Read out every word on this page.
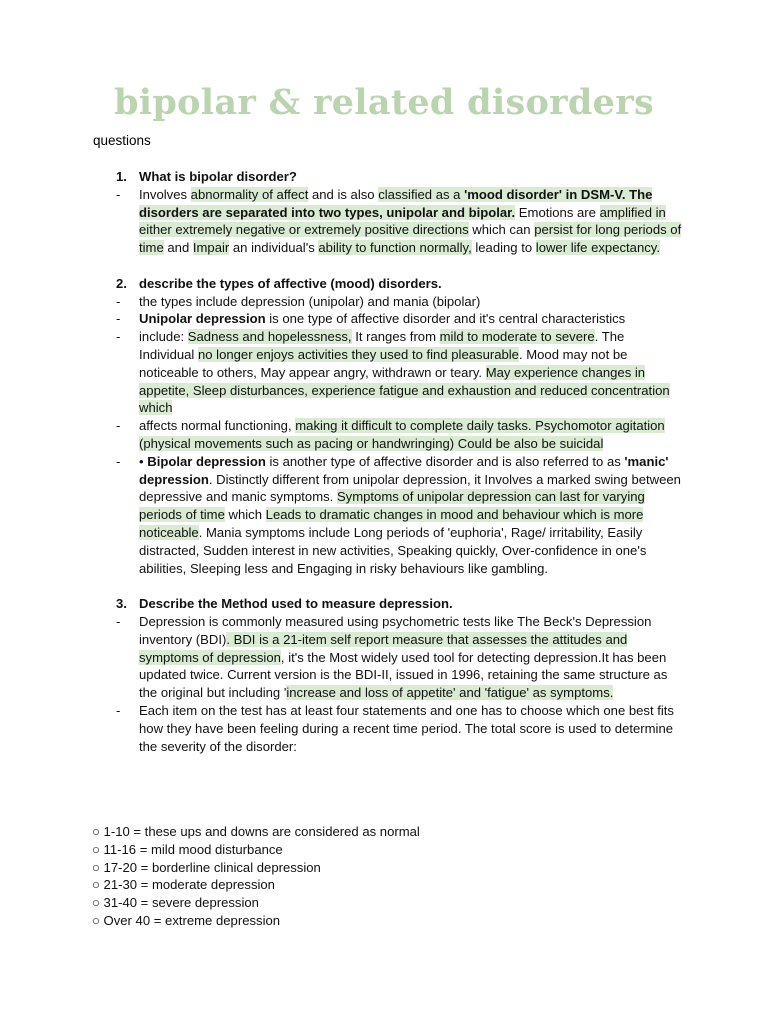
bipolar & related disorders
questions
1. What is bipolar disorder?
- Involves abnormality of affect and is also classified as a 'mood disorder' in DSM-V. The disorders are separated into two types, unipolar and bipolar. Emotions are amplified in either extremely negative or extremely positive directions which can persist for long periods of time and Impair an individual's ability to function normally, leading to lower life expectancy.
2. describe the types of affective (mood) disorders.
- the types include depression (unipolar) and mania (bipolar)
- Unipolar depression is one type of affective disorder and it's central characteristics
- include: Sadness and hopelessness, It ranges from mild to moderate to severe. The Individual no longer enjoys activities they used to find pleasurable. Mood may not be noticeable to others, May appear angry, withdrawn or teary. May experience changes in appetite, Sleep disturbances, experience fatigue and exhaustion and reduced concentration which
- affects normal functioning, making it difficult to complete daily tasks. Psychomotor agitation (physical movements such as pacing or handwringing) Could be also be suicidal
- • Bipolar depression is another type of affective disorder and is also referred to as 'manic' depression. Distinctly different from unipolar depression, it Involves a marked swing between depressive and manic symptoms. Symptoms of unipolar depression can last for varying periods of time which Leads to dramatic changes in mood and behaviour which is more noticeable. Mania symptoms include Long periods of 'euphoria', Rage/ irritability, Easily distracted, Sudden interest in new activities, Speaking quickly, Over-confidence in one's abilities, Sleeping less and Engaging in risky behaviours like gambling.
3. Describe the Method used to measure depression.
- Depression is commonly measured using psychometric tests like The Beck's Depression inventory (BDI). BDI is a 21-item self report measure that assesses the attitudes and symptoms of depression, it's the Most widely used tool for detecting depression.It has been updated twice. Current version is the BDI-II, issued in 1996, retaining the same structure as the original but including 'increase and loss of appetite' and 'fatigue' as symptoms.
- Each item on the test has at least four statements and one has to choose which one best fits how they have been feeling during a recent time period. The total score is used to determine the severity of the disorder:
○ 1-10 = these ups and downs are considered as normal
○ 11-16 = mild mood disturbance
○ 17-20 = borderline clinical depression
○ 21-30 = moderate depression
○ 31-40 = severe depression
○ Over 40 = extreme depression
